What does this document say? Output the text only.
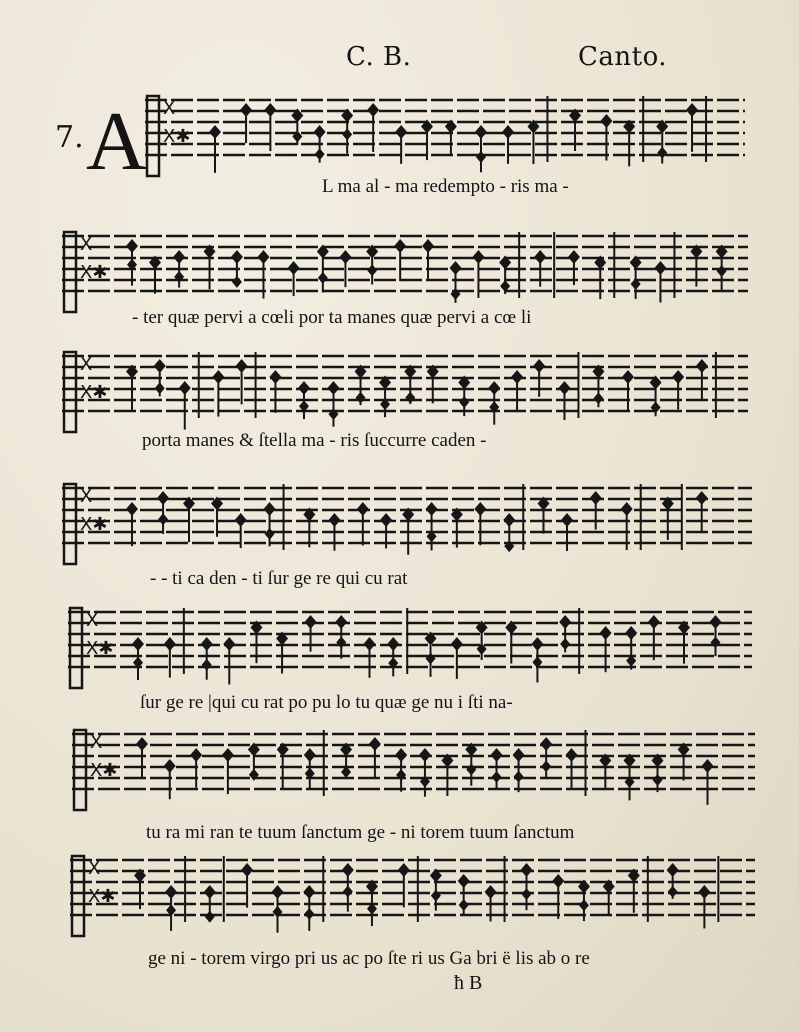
C. B.	Canto.
7. A X
X✱
L ma al - ma redempto - ris ma -
X
X✱
- ter quæ pervi a cœli por ta manes quæ pervi a cœ li
X
X✱
porta manes & ſtella ma - ris ſuccurre caden -
X
X✱
- - ti ca den - ti ſur ge re qui cu rat
X
X✱
ſur ge re |qui cu rat po pu lo tu quæ ge nu i ſti na-
X
X✱
tu ra mi ran te tuum ſanctum ge - ni torem tuum ſanctum
X
X✱
ge ni - torem virgo pri us ac po ſte ri us Ga bri ë lis ab o re
ħ B
